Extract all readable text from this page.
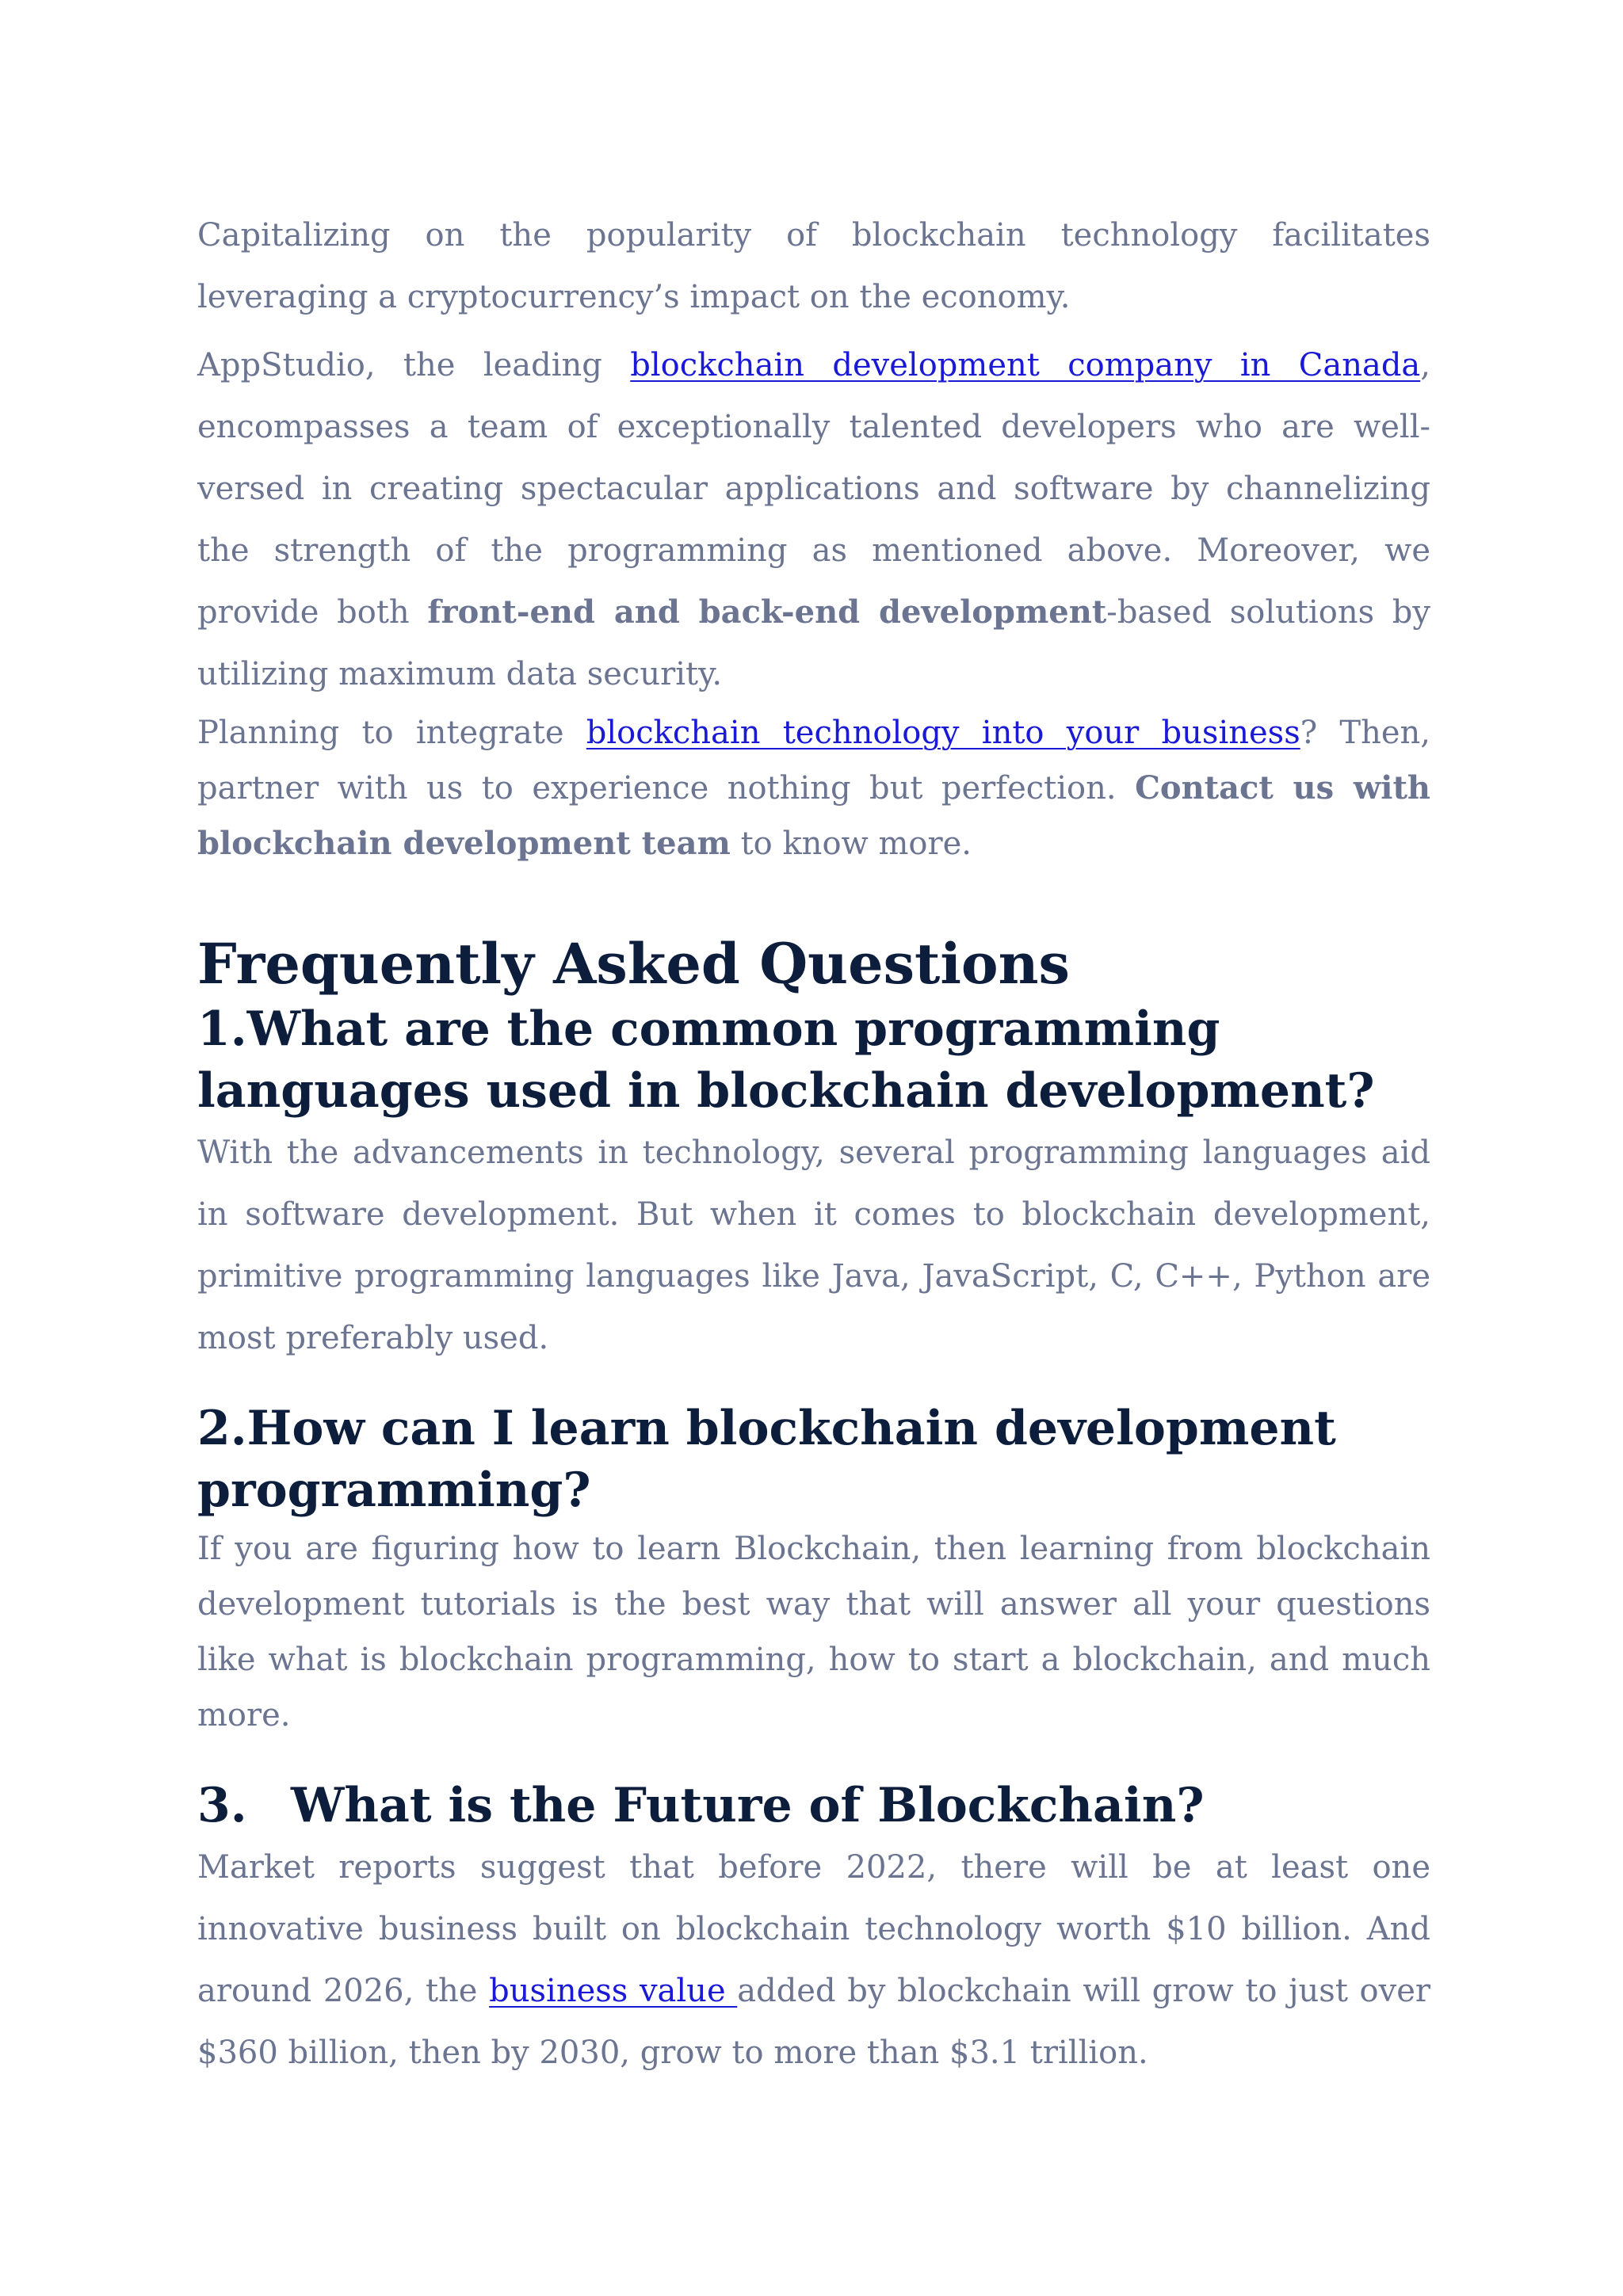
Capitalizing on the popularity of blockchain technology facilitates leveraging a cryptocurrency’s impact on the economy.

AppStudio, the leading blockchain development company in Canada, encompasses a team of exceptionally talented developers who are well-versed in creating spectacular applications and software by channelizing the strength of the programming as mentioned above. Moreover, we provide both front-end and back-end development-based solutions by utilizing maximum data security.

Planning to integrate blockchain technology into your business? Then, partner with us to experience nothing but perfection. Contact us with blockchain development team to know more.

Frequently Asked Questions
1.What are the common programming languages used in blockchain development?

With the advancements in technology, several programming languages aid in software development. But when it comes to blockchain development, primitive programming languages like Java, JavaScript, C, C++, Python are most preferably used.

2.How can I learn blockchain development programming?

If you are figuring how to learn Blockchain, then learning from blockchain development tutorials is the best way that will answer all your questions like what is blockchain programming, how to start a blockchain, and much more.

3. What is the Future of Blockchain?

Market reports suggest that before 2022, there will be at least one innovative business built on blockchain technology worth $10 billion. And around 2026, the business value added by blockchain will grow to just over $360 billion, then by 2030, grow to more than $3.1 trillion.
